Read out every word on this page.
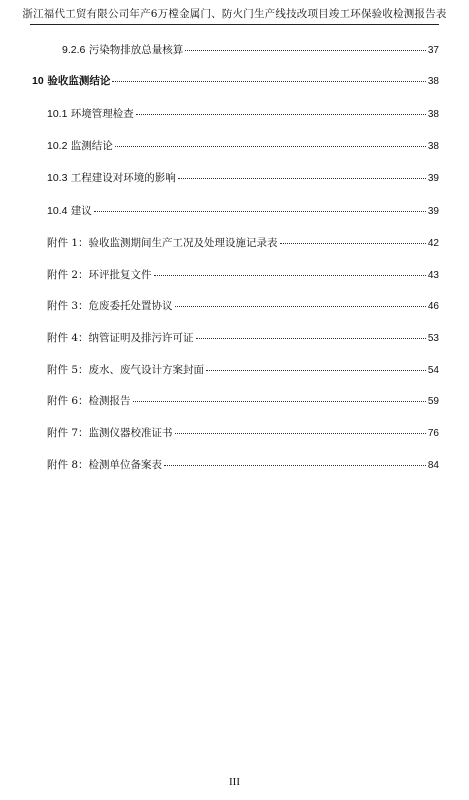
浙江福代工贸有限公司年产6万樘金属门、防火门生产线技改项目竣工环保验收检测报告表
9.2.6 污染物排放总量核算	37
10 验收监测结论	38
10.1 环境管理检查	38
10.2 监测结论	38
10.3 工程建设对环境的影响	39
10.4 建议	39
附件 1：验收监测期间生产工况及处理设施记录表	42
附件 2：环评批复文件	43
附件 3：危废委托处置协议	46
附件 4：纳管证明及排污许可证	53
附件 5：废水、废气设计方案封面	54
附件 6：检测报告	59
附件 7：监测仪器校准证书	76
附件 8：检测单位备案表	84
III
